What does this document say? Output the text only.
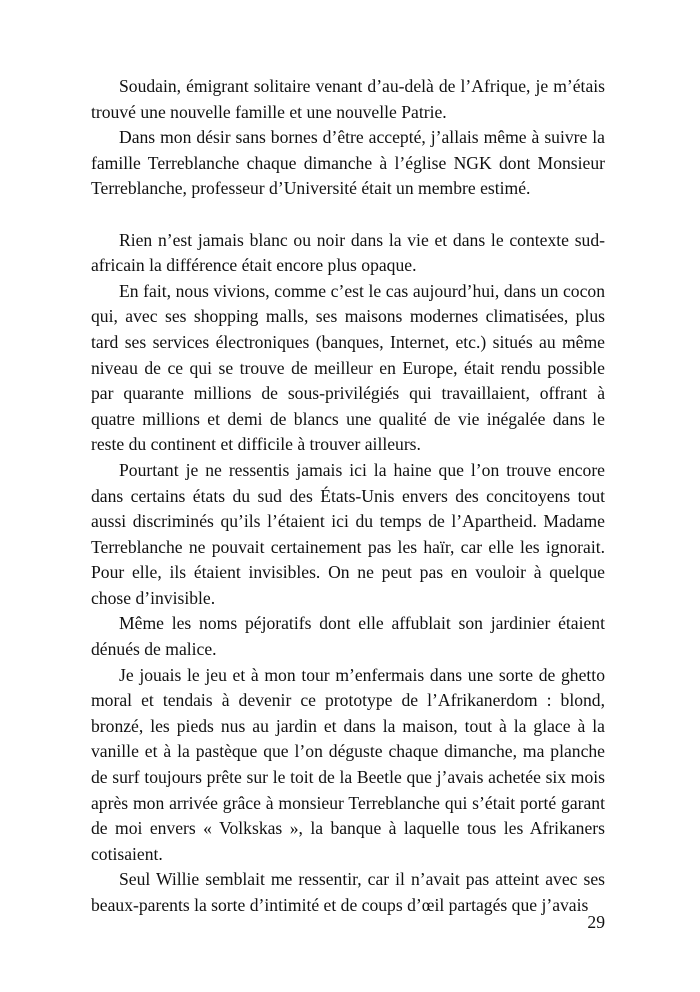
Soudain, émigrant solitaire venant d’au-delà de l’Afrique, je m’étais trouvé une nouvelle famille et une nouvelle Patrie.

Dans mon désir sans bornes d’être accepté, j’allais même à suivre la famille Terreblanche chaque dimanche à l’église NGK dont Monsieur Terreblanche, professeur d’Université était un membre estimé.

Rien n’est jamais blanc ou noir dans la vie et dans le contexte sud-africain la différence était encore plus opaque.

En fait, nous vivions, comme c’est le cas aujourd’hui, dans un cocon qui, avec ses shopping malls, ses maisons modernes climatisées, plus tard ses services électroniques (banques, Internet, etc.) situés au même niveau de ce qui se trouve de meilleur en Europe, était rendu possible par quarante millions de sous-privilégiés qui travaillaient, offrant à quatre millions et demi de blancs une qualité de vie inégalée dans le reste du continent et difficile à trouver ailleurs.

Pourtant je ne ressentis jamais ici la haine que l’on trouve encore dans certains états du sud des États-Unis envers des concitoyens tout aussi discriminés qu’ils l’étaient ici du temps de l’Apartheid. Madame Terreblanche ne pouvait certainement pas les haïr, car elle les ignorait. Pour elle, ils étaient invisibles. On ne peut pas en vouloir à quelque chose d’invisible.

Même les noms péjoratifs dont elle affublait son jardinier étaient dénués de malice.

Je jouais le jeu et à mon tour m’enfermais dans une sorte de ghetto moral et tendais à devenir ce prototype de l’Afrikanerdom : blond, bronzé, les pieds nus au jardin et dans la maison, tout à la glace à la vanille et à la pastèque que l’on déguste chaque dimanche, ma planche de surf toujours prête sur le toit de la Beetle que j’avais achetée six mois après mon arrivée grâce à monsieur Terreblanche qui s’était porté garant de moi envers « Volkskas », la banque à laquelle tous les Afrikaners cotisaient.

Seul Willie semblait me ressentir, car il n’avait pas atteint avec ses beaux-parents la sorte d’intimité et de coups d’œil partagés que j’avais

29
